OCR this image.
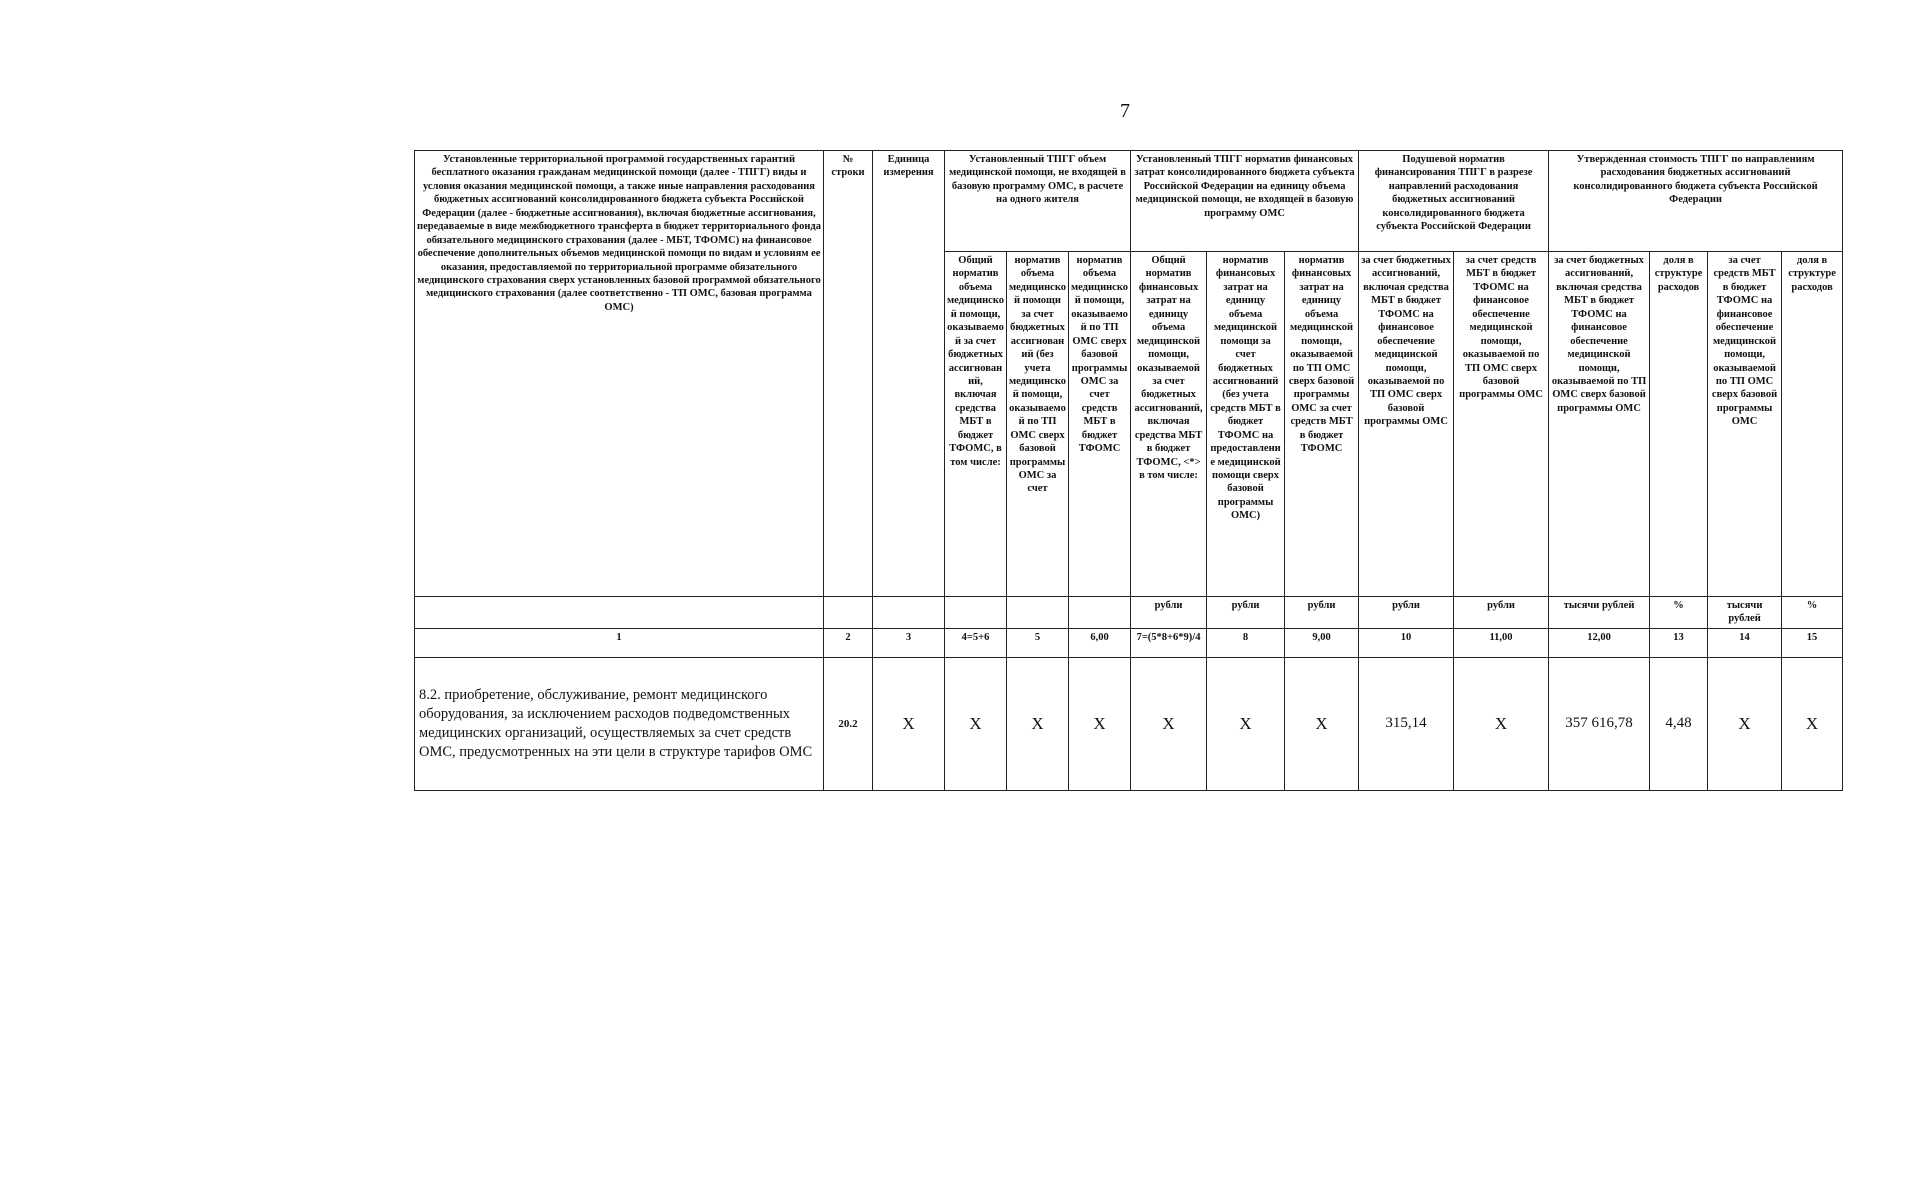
7
Установленные территориальной программой государственных гарантий бесплатного оказания гражданам медицинской помощи (далее - ТПГГ) виды и условия оказания медицинской помощи, а также иные направления расходования бюджетных ассигнований консолидированного бюджета субъекта Российской Федерации (далее - бюджетные ассигнования), включая бюджетные ассигнования, передаваемые в виде межбюджетного трансферта в бюджет территориального фонда обязательного медицинского страхования (далее - МБТ, ТФОМС) на финансовое обеспечение дополнительных объемов медицинской помощи по видам и условиям ее оказания, предоставляемой по территориальной программе обязательного медицинского страхования сверх установленных базовой программой обязательного медицинского страхования (далее соответственно - ТП ОМС, базовая программа ОМС)	№ строки	Единица измерения	Установленный ТПГГ объем медицинской помощи, не входящей в базовую программу ОМС, в расчете на одного жителя			Установленный ТПГГ норматив финансовых затрат консолидированного бюджета субъекта Российской Федерации на единицу объема медицинской помощи, не входящей в базовую программу ОМС			Подушевой норматив финансирования ТПГГ в разрезе направлений расходования бюджетных ассигнований консолидированного бюджета субъекта Российской Федерации		Утвержденная стоимость ТПГГ по направлениям расходования бюджетных ассигнований консолидированного бюджета субъекта Российской Федерации			
			Общий норматив объема медицинской помощи, оказываемой за счет бюджетных ассигнований, включая средства МБТ в бюджет ТФОМС, в том числе:	норматив объема медицинской помощи за счет бюджетных ассигнований (без учета медицинской помощи, оказываемой по ТП ОМС сверх базовой программы ОМС за счет	норматив объема медицинской помощи, оказываемой по ТП ОМС сверх базовой программы ОМС за счет средств МБТ в бюджет ТФОМС	Общий норматив финансовых затрат на единицу объема медицинской помощи, оказываемой за счет бюджетных ассигнований, включая средства МБТ в бюджет ТФОМС, <*> в том числе:	норматив финансовых затрат на единицу объема медицинской помощи за счет бюджетных ассигнований (без учета средств МБТ в бюджет ТФОМС на предоставление медицинской помощи сверх базовой программы ОМС)	норматив финансовых затрат на единицу объема медицинской помощи, оказываемой по ТП ОМС сверх базовой программы ОМС за счет средств МБТ в бюджет ТФОМС	за счет бюджетных ассигнований, включая средства МБТ в бюджет ТФОМС на финансовое обеспечение медицинской помощи, оказываемой по ТП ОМС сверх базовой программы ОМС	за счет средств МБТ в бюджет ТФОМС на финансовое обеспечение медицинской помощи, оказываемой по ТП ОМС сверх базовой программы ОМС	за счет бюджетных ассигнований, включая средства МБТ в бюджет ТФОМС на финансовое обеспечение медицинской помощи, оказываемой по ТП ОМС сверх базовой программы ОМС	доля в структуре расходов	за счет средств МБТ в бюджет ТФОМС на финансовое обеспечение медицинской помощи, оказываемой по ТП ОМС сверх базовой программы ОМС	доля в структуре расходов
						рубли	рубли	рубли	рубли	рубли	тысячи рублей	%	тысячи рублей	%
1	2	3	4=5+6	5	6,00	7=(5*8+6*9)/4	8	9,00	10	11,00	12,00	13	14	15
8.2. приобретение, обслуживание, ремонт медицинского оборудования, за исключением расходов подведомственных медицинских организаций, осуществляемых за счет средств ОМС, предусмотренных на эти цели в структуре тарифов ОМС	20.2	Х	Х	Х	Х	Х	Х	Х	315,14	Х	357 616,78	4,48	Х	Х
